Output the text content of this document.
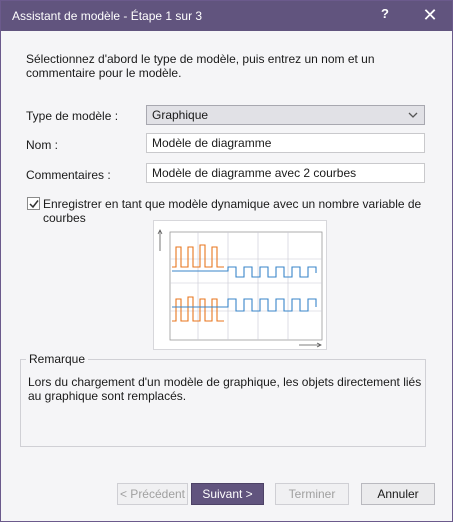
Assistant de modèle - Étape 1 sur 3	?	✕
Sélectionnez d'abord le type de modèle, puis entrez un nom et un commentaire pour le modèle.
Type de modèle :	Graphique
Nom :	Modèle de diagramme
Commentaires :	Modèle de diagramme avec 2 courbes
Enregistrer en tant que modèle dynamique avec un nombre variable de courbes
Remarque
Lors du chargement d'un modèle de graphique, les objets directement liés au graphique sont remplacés.
< Précédent	Suivant >	Terminer	Annuler
